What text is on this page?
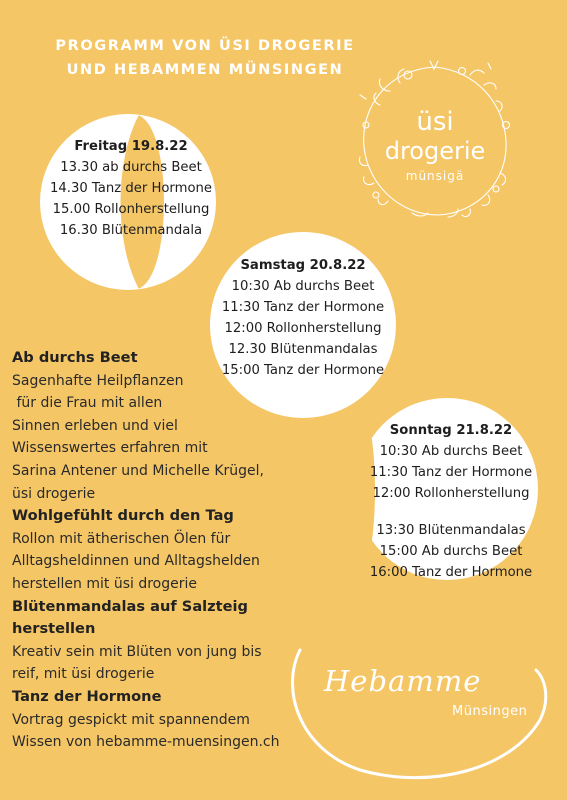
PROGRAMM VON ÜSI DROGERIE
UND HEBAMMEN MÜNSINGEN
üsi
drogerie
münsigä
Freitag 19.8.22
13.30 ab durchs Beet
14.30 Tanz der Hormone
15.00 Rollonherstellung
16.30 Blütenmandala
Samstag 20.8.22
10:30 Ab durchs Beet
11:30 Tanz der Hormone
12:00 Rollonherstellung
12.30 Blütenmandalas
15:00 Tanz der Hormone
Sonntag 21.8.22
10:30 Ab durchs Beet
11:30 Tanz der Hormone
12:00 Rollonherstellung
13:30 Blütenmandalas
15:00 Ab durchs Beet
16:00 Tanz der Hormone
Ab durchs Beet
Sagenhafte Heilpflanzen
für die Frau mit allen
Sinnen erleben und viel
Wissenswertes erfahren mit
Sarina Antener und Michelle Krügel,
üsi drogerie
Wohlgefühlt durch den Tag
Rollon mit ätherischen Ölen für
Alltagsheldinnen und Alltagshelden
herstellen mit üsi drogerie
Blütenmandalas auf Salzteig
herstellen
Kreativ sein mit Blüten von jung bis
reif, mit üsi drogerie
Tanz der Hormone
Vortrag gespickt mit spannendem
Wissen von hebamme-muensingen.ch
Hebamme
Münsingen
